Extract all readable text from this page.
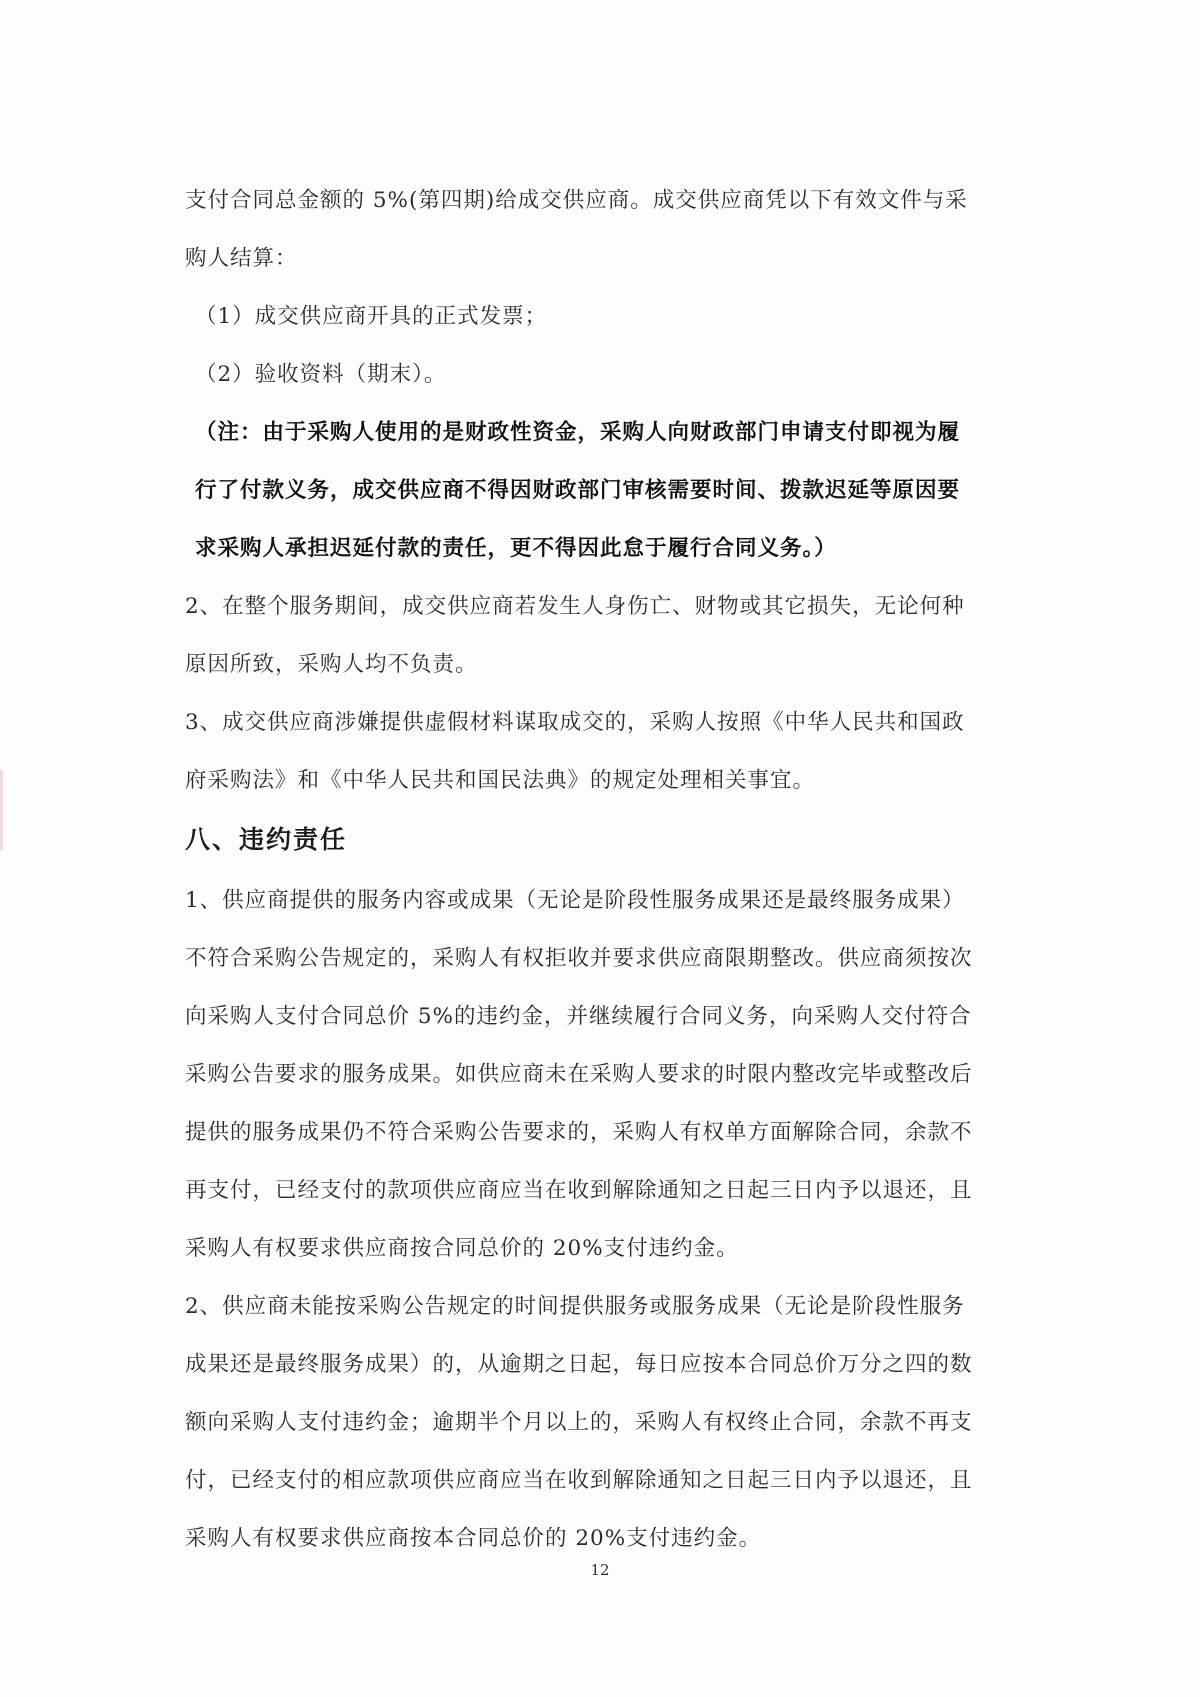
支付合同总金额的 5%(第四期)给成交供应商。成交供应商凭以下有效文件与采

购人结算：

（1）成交供应商开具的正式发票；

（2）验收资料（期末）。

（注：由于采购人使用的是财政性资金，采购人向财政部门申请支付即视为履

行了付款义务，成交供应商不得因财政部门审核需要时间、拨款迟延等原因要

求采购人承担迟延付款的责任，更不得因此怠于履行合同义务。）

2、在整个服务期间，成交供应商若发生人身伤亡、财物或其它损失，无论何种

原因所致，采购人均不负责。

3、成交供应商涉嫌提供虚假材料谋取成交的，采购人按照《中华人民共和国政

府采购法》和《中华人民共和国民法典》的规定处理相关事宜。

八、违约责任

1、供应商提供的服务内容或成果（无论是阶段性服务成果还是最终服务成果）

不符合采购公告规定的，采购人有权拒收并要求供应商限期整改。供应商须按次

向采购人支付合同总价 5%的违约金，并继续履行合同义务，向采购人交付符合

采购公告要求的服务成果。如供应商未在采购人要求的时限内整改完毕或整改后

提供的服务成果仍不符合采购公告要求的，采购人有权单方面解除合同，余款不

再支付，已经支付的款项供应商应当在收到解除通知之日起三日内予以退还，且

采购人有权要求供应商按合同总价的 20%支付违约金。

2、供应商未能按采购公告规定的时间提供服务或服务成果（无论是阶段性服务

成果还是最终服务成果）的，从逾期之日起，每日应按本合同总价万分之四的数

额向采购人支付违约金；逾期半个月以上的，采购人有权终止合同，余款不再支

付，已经支付的相应款项供应商应当在收到解除通知之日起三日内予以退还，且

采购人有权要求供应商按本合同总价的 20%支付违约金。

12
